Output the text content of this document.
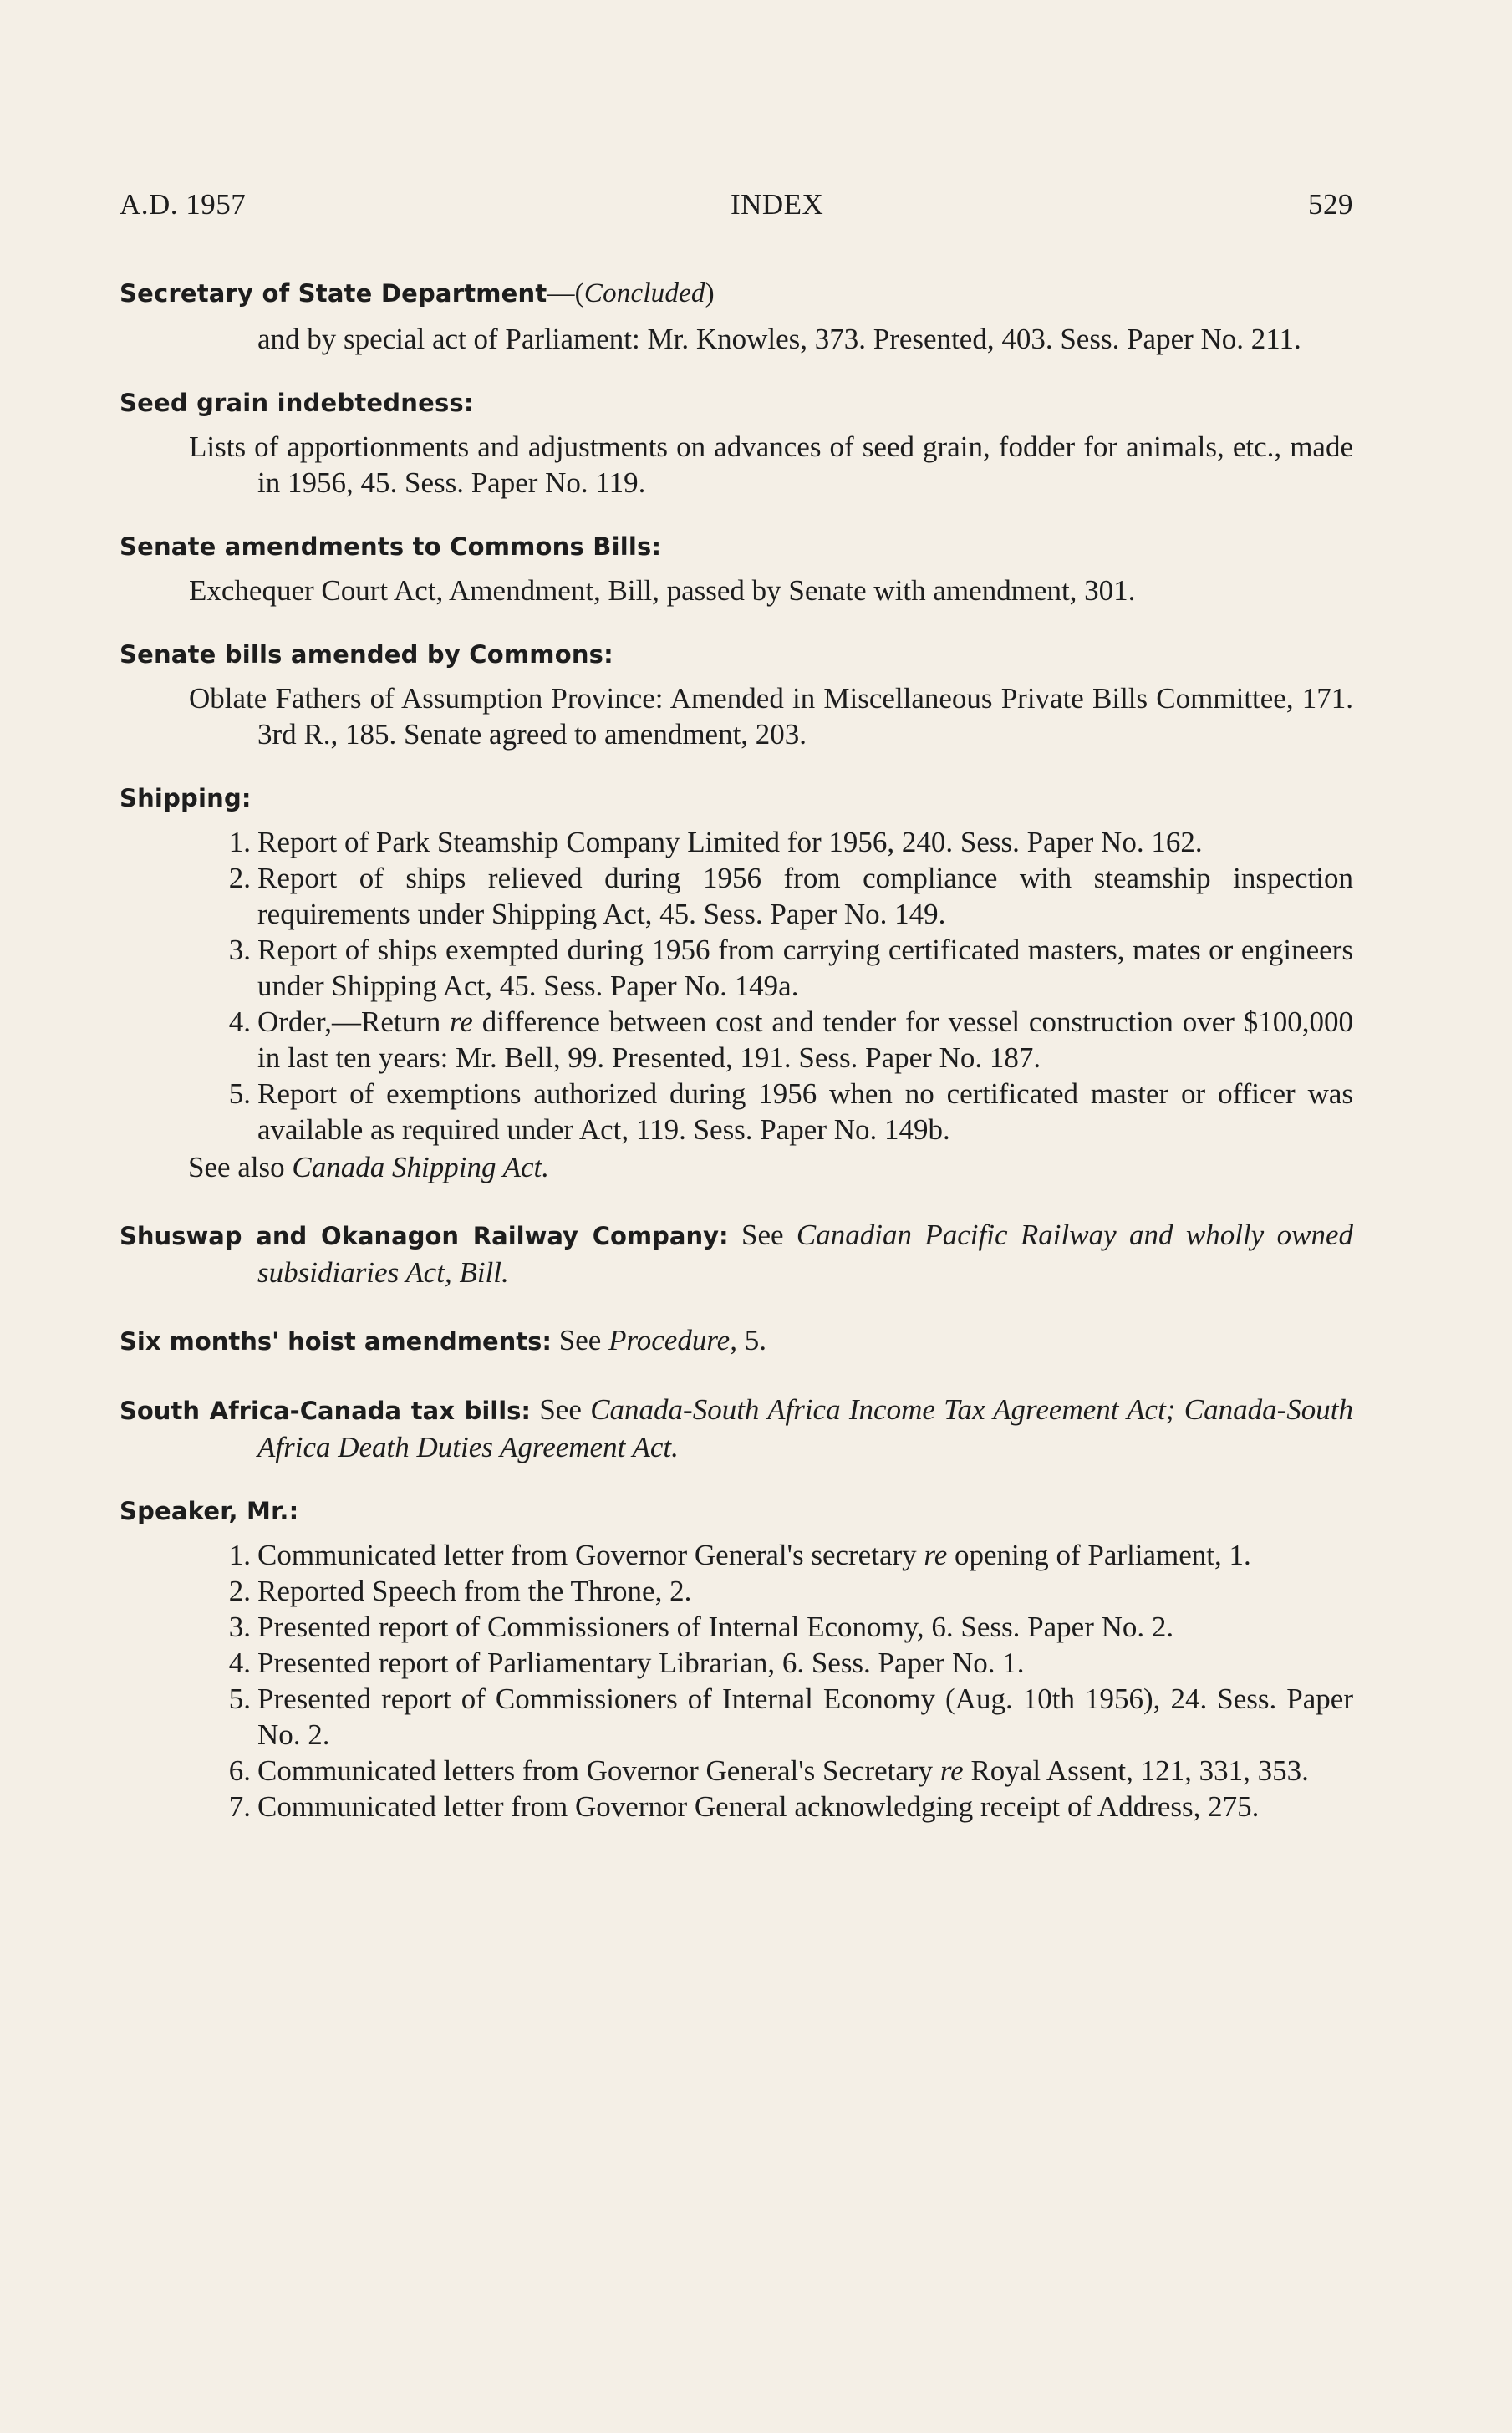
A.D. 1957	INDEX	529
Secretary of State Department—(Concluded)
and by special act of Parliament: Mr. Knowles, 373. Presented, 403. Sess. Paper No. 211.
Seed grain indebtedness:
Lists of apportionments and adjustments on advances of seed grain, fodder for animals, etc., made in 1956, 45. Sess. Paper No. 119.
Senate amendments to Commons Bills:
Exchequer Court Act, Amendment, Bill, passed by Senate with amendment, 301.
Senate bills amended by Commons:
Oblate Fathers of Assumption Province: Amended in Miscellaneous Private Bills Committee, 171. 3rd R., 185. Senate agreed to amendment, 203.
Shipping:
1. Report of Park Steamship Company Limited for 1956, 240. Sess. Paper No. 162.
2. Report of ships relieved during 1956 from compliance with steamship inspection requirements under Shipping Act, 45. Sess. Paper No. 149.
3. Report of ships exempted during 1956 from carrying certificated masters, mates or engineers under Shipping Act, 45. Sess. Paper No. 149a.
4. Order,—Return re difference between cost and tender for vessel construction over $100,000 in last ten years: Mr. Bell, 99. Presented, 191. Sess. Paper No. 187.
5. Report of exemptions authorized during 1956 when no certificated master or officer was available as required under Act, 119. Sess. Paper No. 149b.
See also Canada Shipping Act.
Shuswap and Okanagon Railway Company: See Canadian Pacific Railway and wholly owned subsidiaries Act, Bill.
Six months' hoist amendments: See Procedure, 5.
South Africa-Canada tax bills: See Canada-South Africa Income Tax Agreement Act; Canada-South Africa Death Duties Agreement Act.
Speaker, Mr.:
1. Communicated letter from Governor General's secretary re opening of Parliament, 1.
2. Reported Speech from the Throne, 2.
3. Presented report of Commissioners of Internal Economy, 6. Sess. Paper No. 2.
4. Presented report of Parliamentary Librarian, 6. Sess. Paper No. 1.
5. Presented report of Commissioners of Internal Economy (Aug. 10th 1956), 24. Sess. Paper No. 2.
6. Communicated letters from Governor General's Secretary re Royal Assent, 121, 331, 353.
7. Communicated letter from Governor General acknowledging receipt of Address, 275.
